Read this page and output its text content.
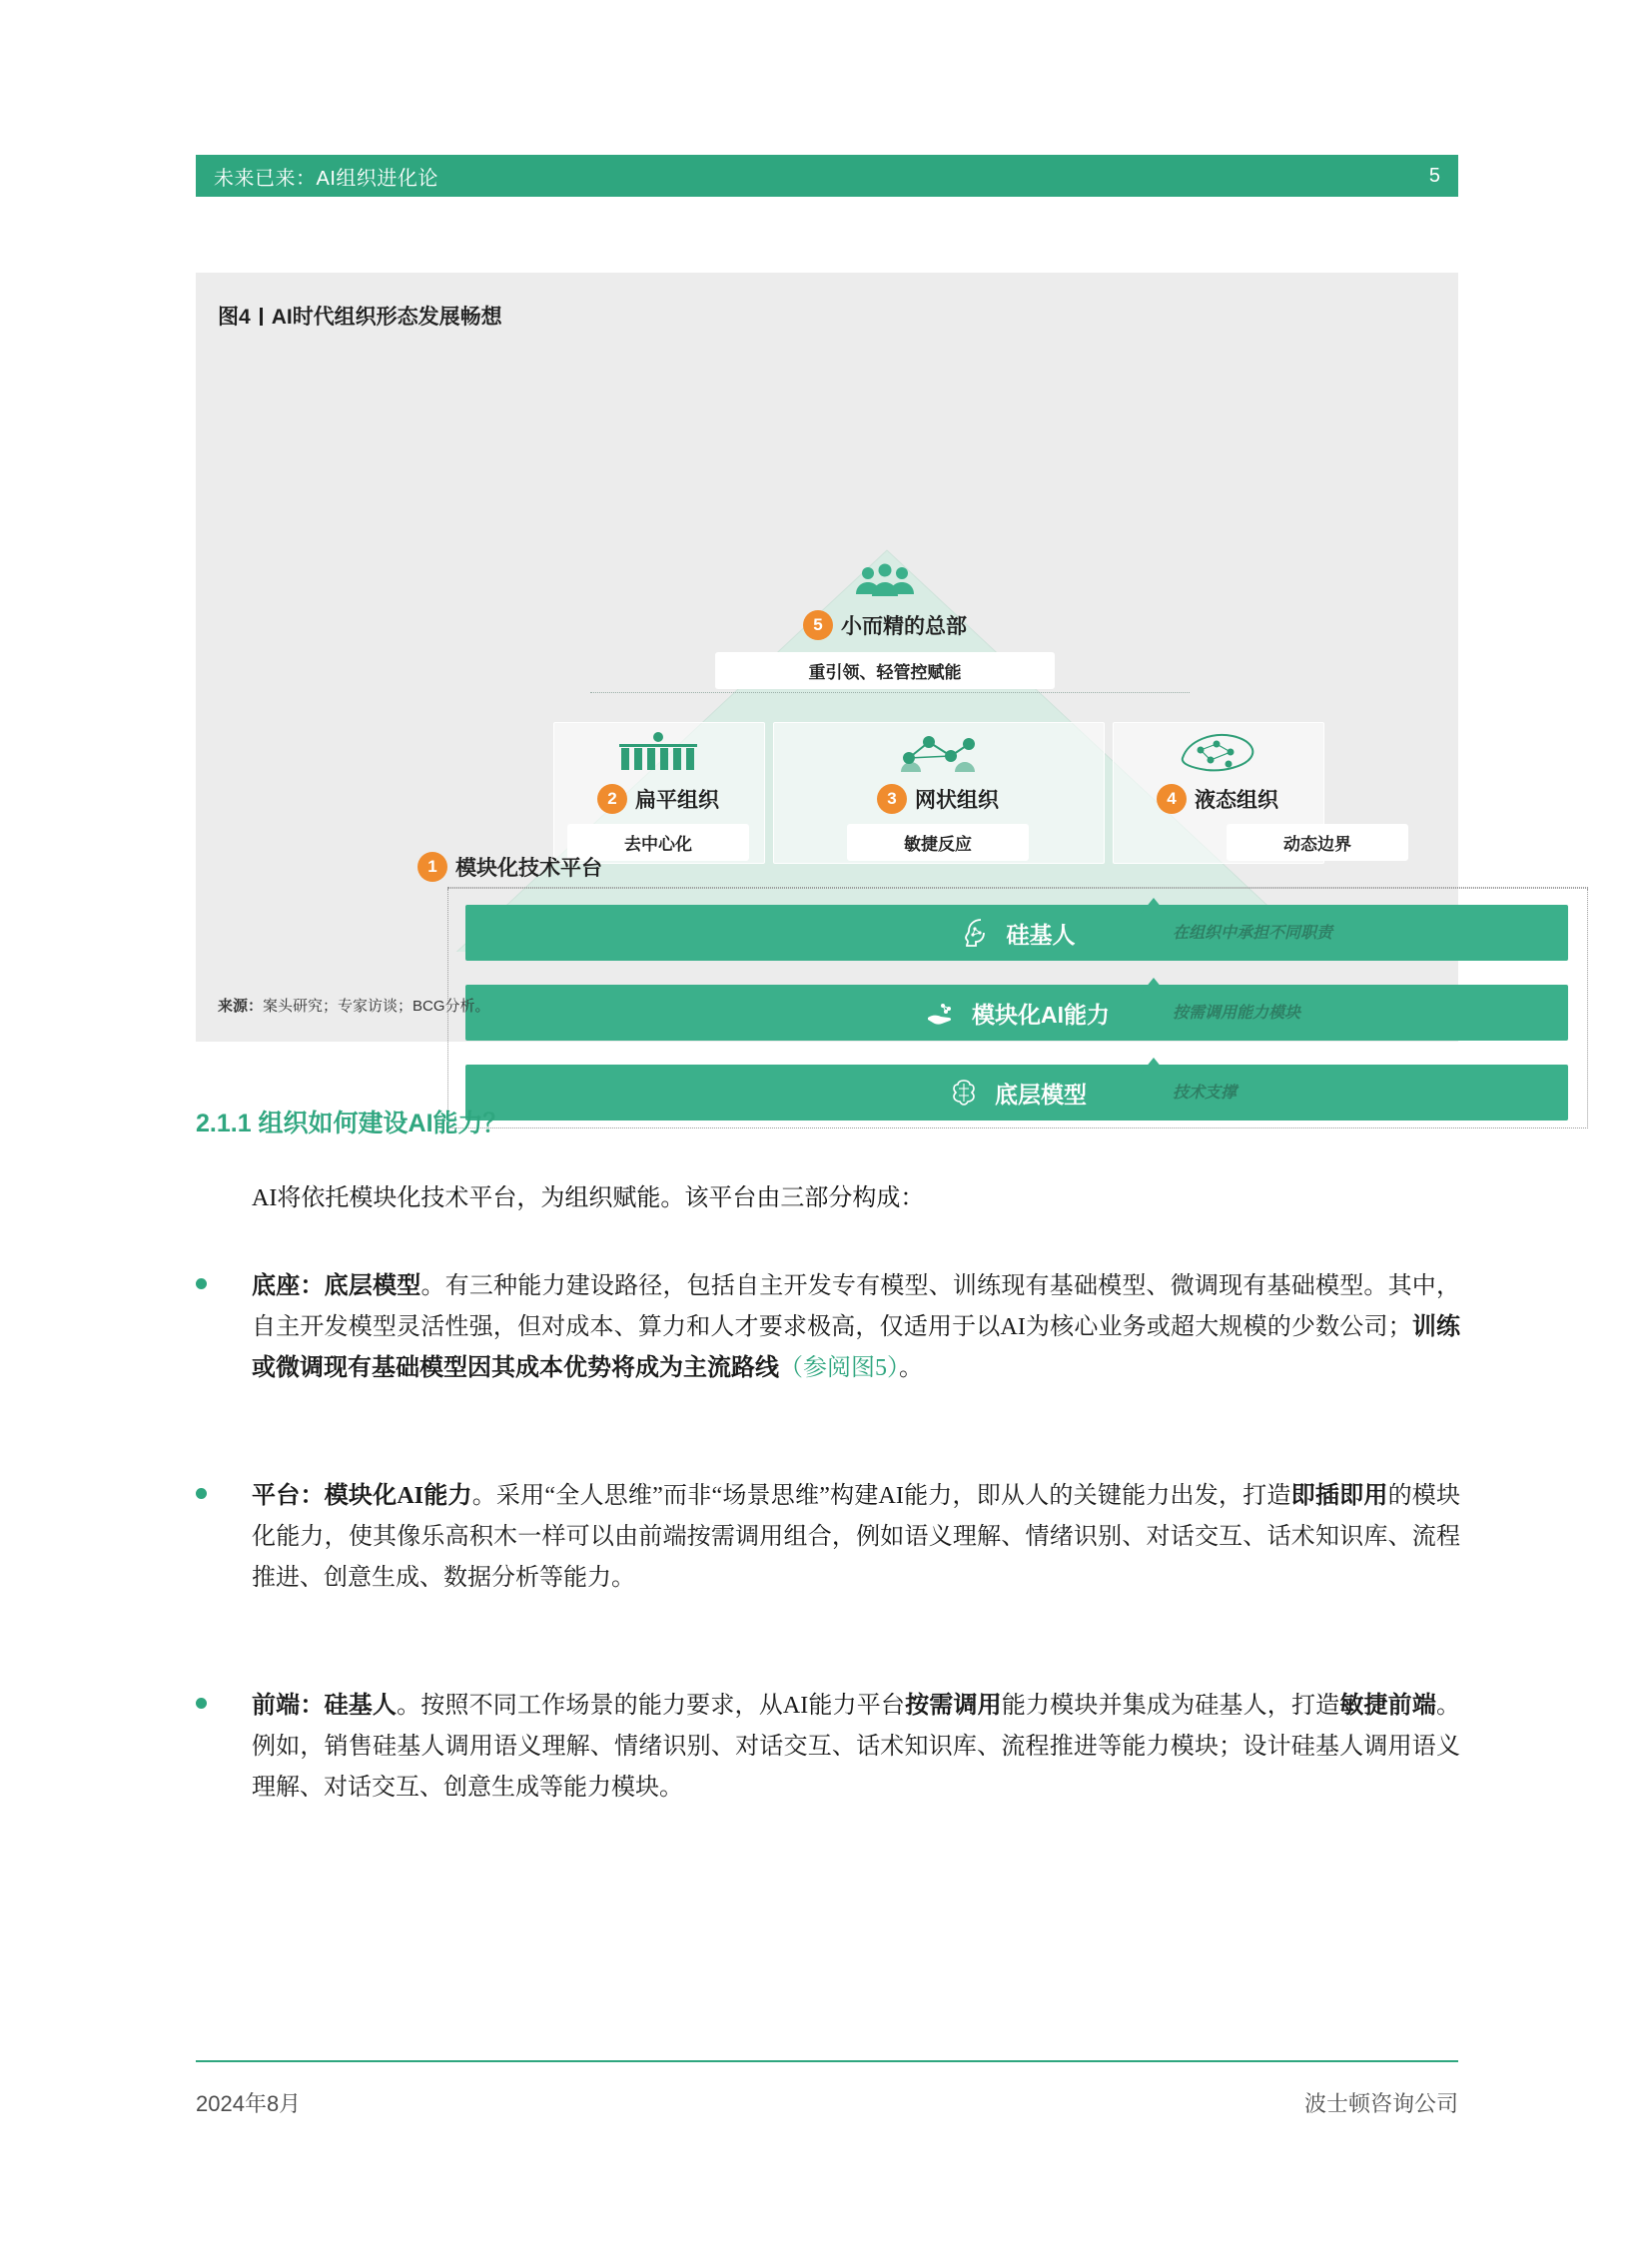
未来已来：AI组织进化论	5
图4 AI时代组织形态发展畅想
5 小而精的总部
重引领、轻管控赋能
2 扁平组织
去中心化
3 网状组织
敏捷反应
4 液态组织
动态边界
1 模块化技术平台
硅基人	在组织中承担不同职责
模块化AI能力	按需调用能力模块
底层模型	技术支撑
来源：案头研究；专家访谈；BCG分析。
2.1.1 组织如何建设AI能力？
AI将依托模块化技术平台，为组织赋能。该平台由三部分构成：
底座：底层模型。有三种能力建设路径，包括自主开发专有模型、训练现有基础模型、微调现有基础模型。其中，自主开发模型灵活性强，但对成本、算力和人才要求极高，仅适用于以AI为核心业务或超大规模的少数公司；训练或微调现有基础模型因其成本优势将成为主流路线（参阅图5）。
平台：模块化AI能力。采用“全人思维”而非“场景思维”构建AI能力，即从人的关键能力出发，打造即插即用的模块化能力，使其像乐高积木一样可以由前端按需调用组合，例如语义理解、情绪识别、对话交互、话术知识库、流程推进、创意生成、数据分析等能力。
前端：硅基人。按照不同工作场景的能力要求，从AI能力平台按需调用能力模块并集成为硅基人，打造敏捷前端。例如，销售硅基人调用语义理解、情绪识别、对话交互、话术知识库、流程推进等能力模块；设计硅基人调用语义理解、对话交互、创意生成等能力模块。
2024年8月	波士顿咨询公司
